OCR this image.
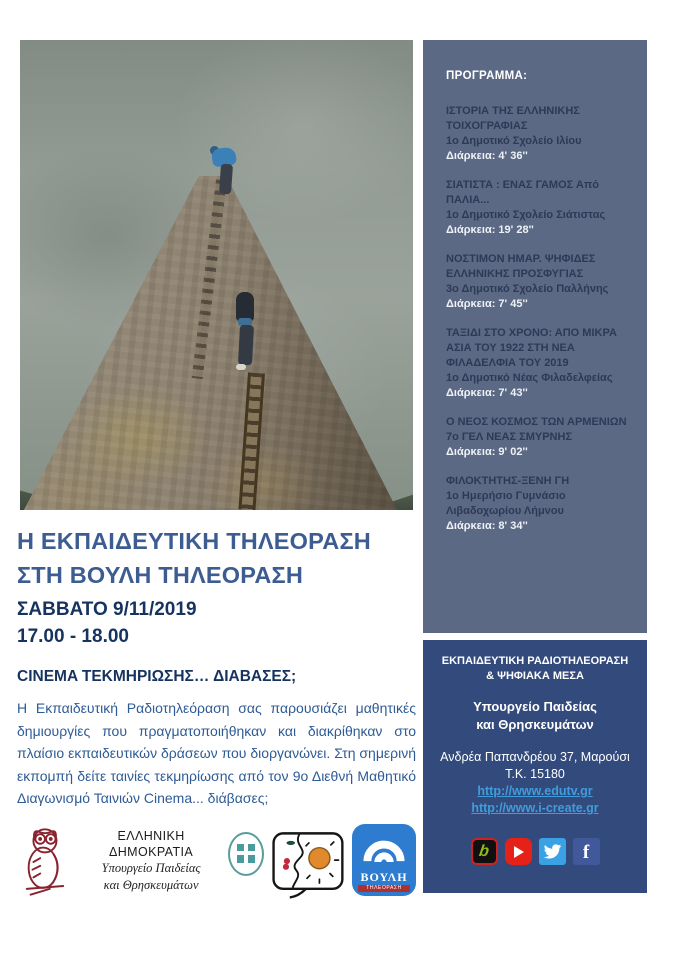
Η ΕΚΠΑΙΔΕΥΤΙΚΗ ΤΗΛΕΟΡΑΣΗ
ΣΤΗ ΒΟΥΛΗ ΤΗΛΕΟΡΑΣΗ
ΣΑΒΒΑΤΟ 9/11/2019
17.00 - 18.00
CINEMA ΤΕΚΜΗΡΙΩΣΗΣ… ΔΙΑΒΑΣΕΣ;
Η Εκπαιδευτική Ραδιοτηλεόραση σας παρουσιάζει μαθητικές δημιουργίες που πραγματοποιήθηκαν και διακρίθηκαν στο πλαίσιο εκπαιδευτικών δράσεων που διοργανώνει. Στη σημερινή εκπομπή δείτε ταινίες τεκμηρίωσης από τον 9ο Διεθνή Μαθητικό Διαγωνισμό Ταινιών Cinema... διάβασες;
ΠΡΟΓΡΑΜΜΑ:
ΙΣΤΟΡΙΑ ΤΗΣ ΕΛΛΗΝΙΚΗΣ ΤΟΙΧΟΓΡΑΦΙΑΣ
1ο Δημοτικό Σχολείο Ιλίου
Διάρκεια: 4' 36''
ΣΙΑΤΙΣΤΑ : ΕΝΑΣ ΓΑΜΟΣ Από ΠΑΛΙΑ...
1ο Δημοτικό Σχολείο Σιάτιστας
Διάρκεια: 19' 28''
ΝΟΣΤΙΜΟΝ ΗΜΑΡ. ΨΗΦΙΔΕΣ ΕΛΛΗΝΙΚΗΣ ΠΡΟΣΦΥΓΙΑΣ
3ο Δημοτικό Σχολείο Παλλήνης
Διάρκεια: 7' 45''
ΤΑΞΙΔΙ ΣΤΟ ΧΡΟΝΟ: ΑΠΟ ΜΙΚΡΑ ΑΣΙΑ ΤΟΥ 1922 ΣΤΗ ΝΕΑ ΦΙΛΑΔΕΛΦΙΑ ΤΟΥ 2019
1ο Δημοτικό Νέας Φιλαδελφείας
Διάρκεια: 7' 43''
Ο ΝΕΟΣ ΚΟΣΜΟΣ ΤΩΝ ΑΡΜΕΝΙΩΝ
7ο ΓΕΛ ΝΕΑΣ ΣΜΥΡΝΗΣ
Διάρκεια: 9' 02''
ΦΙΛΟΚΤΗΤΗΣ-ΞΕΝΗ ΓΗ
1ο Ημερήσιο Γυμνάσιο Λιβαδοχωρίου Λήμνου
Διάρκεια: 8' 34''
ΕΚΠΑΙΔΕΥΤΙΚΗ ΡΑΔΙΟΤΗΛΕΟΡΑΣΗ
& ΨΗΦΙΑΚΑ ΜΕΣΑ
Υπουργείο Παιδείας
και Θρησκευμάτων
Ανδρέα Παπανδρέου 37, Μαρούσι
Τ.Κ. 15180
http://www.edutv.gr
http://www.i-create.gr
b	f
ΕΛΛΗΝΙΚΗ ΔΗΜΟΚΡΑΤΙΑ
Υπουργείο Παιδείας
και Θρησκευμάτων
ΒΟΥΛΗ
ΤΗΛΕΟΡΑΣΗ
